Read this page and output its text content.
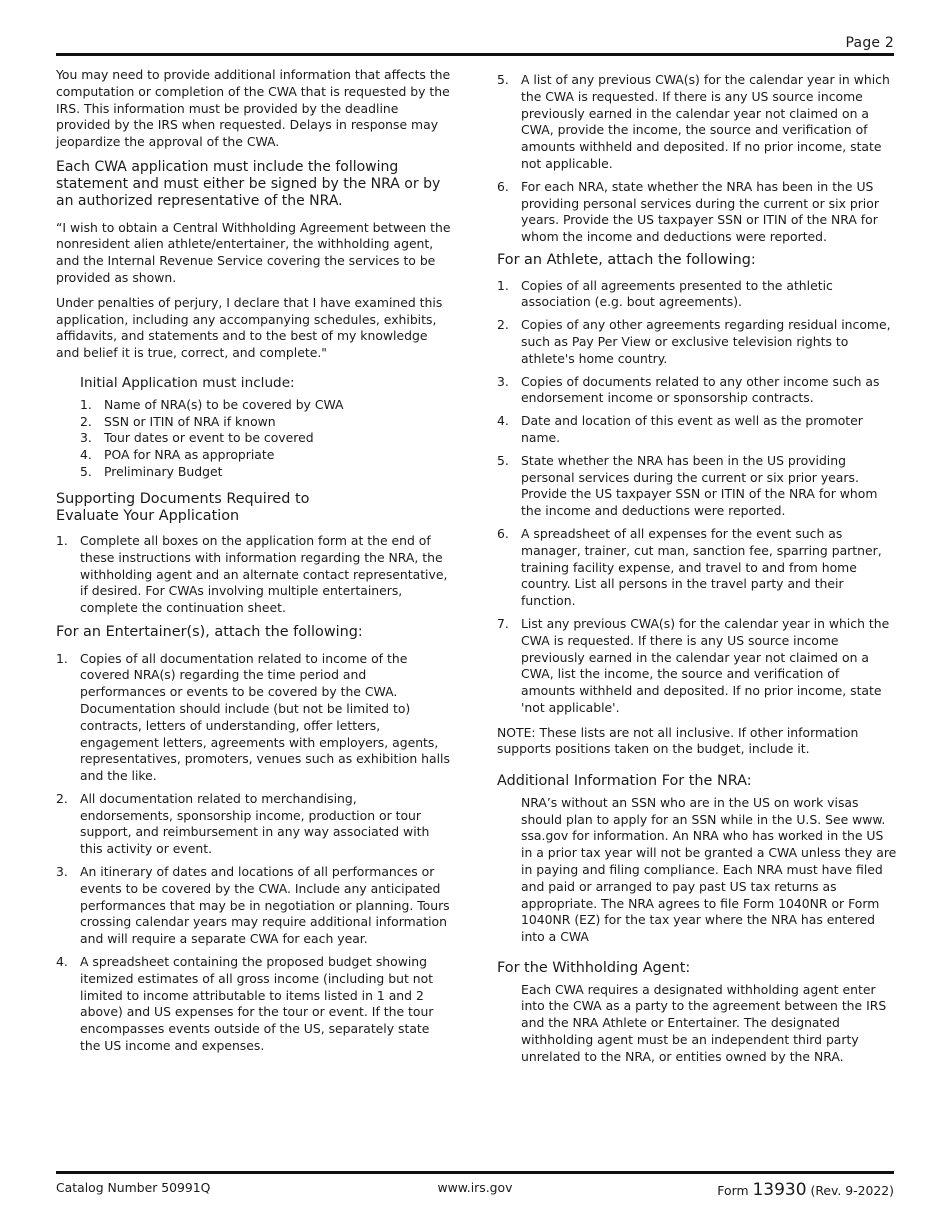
Page 2

You may need to provide additional information that affects the computation or completion of the CWA that is requested by the IRS. This information must be provided by the deadline provided by the IRS when requested. Delays in response may jeopardize the approval of the CWA.

Each CWA application must include the following statement and must either be signed by the NRA or by an authorized representative of the NRA.

“I wish to obtain a Central Withholding Agreement between the nonresident alien athlete/entertainer, the withholding agent, and the Internal Revenue Service covering the services to be provided as shown.

Under penalties of perjury, I declare that I have examined this application, including any accompanying schedules, exhibits, affidavits, and statements and to the best of my knowledge and belief it is true, correct, and complete."

Initial Application must include:
1. Name of NRA(s) to be covered by CWA
2. SSN or ITIN of NRA if known
3. Tour dates or event to be covered
4. POA for NRA as appropriate
5. Preliminary Budget
Supporting Documents Required to Evaluate Your Application
1. Complete all boxes on the application form at the end of these instructions with information regarding the NRA, the withholding agent and an alternate contact representative, if desired. For CWAs involving multiple entertainers, complete the continuation sheet.
For an Entertainer(s), attach the following:
1. Copies of all documentation related to income of the covered NRA(s) regarding the time period and performances or events to be covered by the CWA. Documentation should include (but not be limited to) contracts, letters of understanding, offer letters, engagement letters, agreements with employers, agents, representatives, promoters, venues such as exhibition halls and the like.
2. All documentation related to merchandising, endorsements, sponsorship income, production or tour support, and reimbursement in any way associated with this activity or event.
3. An itinerary of dates and locations of all performances or events to be covered by the CWA. Include any anticipated performances that may be in negotiation or planning. Tours crossing calendar years may require additional information and will require a separate CWA for each year.
4. A spreadsheet containing the proposed budget showing itemized estimates of all gross income (including but not limited to income attributable to items listed in 1 and 2 above) and US expenses for the tour or event. If the tour encompasses events outside of the US, separately state the US income and expenses.
5. A list of any previous CWA(s) for the calendar year in which the CWA is requested. If there is any US source income previously earned in the calendar year not claimed on a CWA, provide the income, the source and verification of amounts withheld and deposited. If no prior income, state not applicable.
6. For each NRA, state whether the NRA has been in the US providing personal services during the current or six prior years. Provide the US taxpayer SSN or ITIN of the NRA for whom the income and deductions were reported.
For an Athlete, attach the following:
1. Copies of all agreements presented to the athletic association (e.g. bout agreements).
2. Copies of any other agreements regarding residual income, such as Pay Per View or exclusive television rights to athlete's home country.
3. Copies of documents related to any other income such as endorsement income or sponsorship contracts.
4. Date and location of this event as well as the promoter name.
5. State whether the NRA has been in the US providing personal services during the current or six prior years. Provide the US taxpayer SSN or ITIN of the NRA for whom the income and deductions were reported.
6. A spreadsheet of all expenses for the event such as manager, trainer, cut man, sanction fee, sparring partner, training facility expense, and travel to and from home country. List all persons in the travel party and their function.
7. List any previous CWA(s) for the calendar year in which the CWA is requested. If there is any US source income previously earned in the calendar year not claimed on a CWA, list the income, the source and verification of amounts withheld and deposited. If no prior income, state 'not applicable'.

NOTE: These lists are not all inclusive. If other information supports positions taken on the budget, include it.

Additional Information For the NRA:

NRA’s without an SSN who are in the US on work visas should plan to apply for an SSN while in the U.S. See www. ssa.gov for information. An NRA who has worked in the US in a prior tax year will not be granted a CWA unless they are in paying and filing compliance. Each NRA must have filed and paid or arranged to pay past US tax returns as appropriate. The NRA agrees to file Form 1040NR or Form 1040NR (EZ) for the tax year where the NRA has entered into a CWA

For the Withholding Agent:

Each CWA requires a designated withholding agent enter into the CWA as a party to the agreement between the IRS and the NRA Athlete or Entertainer. The designated withholding agent must be an independent third party unrelated to the NRA, or entities owned by the NRA.

Catalog Number 50991Q	www.irs.gov	Form 13930 (Rev. 9-2022)
